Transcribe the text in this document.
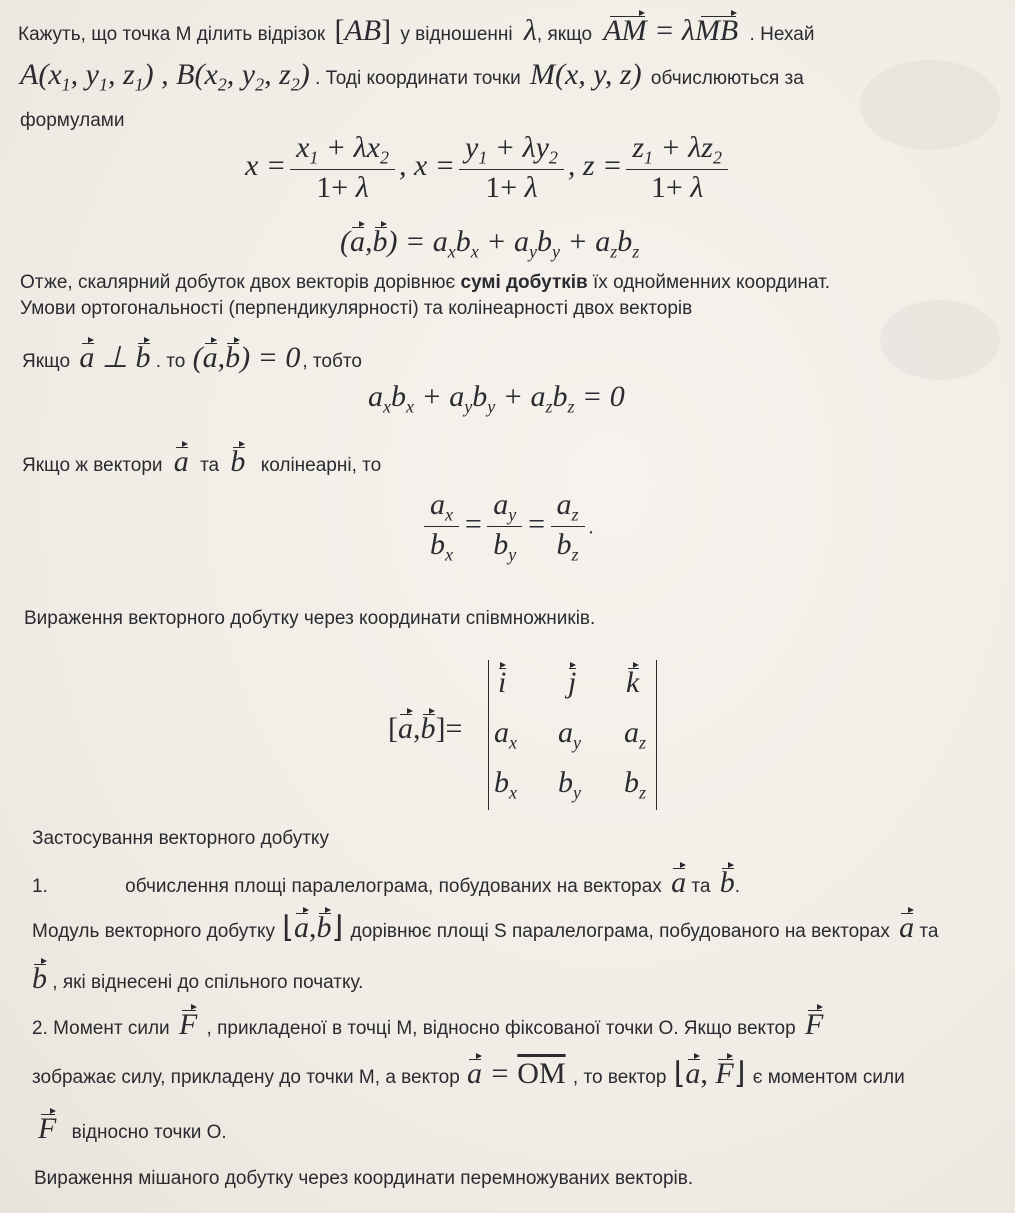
Кажуть, що точка М ділить відрізок [AB] у відношенні λ, якщо AM = λMB . Нехай
$A(x_1$, $y_1$, $z_1$) , $B(x_2$, $y_2$, $z_2$) . Тоді координати точки M(x, y, z) обчислюються за
формулами
$x = \frac{x_1 + \lambda x_2}{1+ \lambda}$ , $x = \frac{y_1 + \lambda y_2}{1+ \lambda}$ , $z = \frac{z_1 + \lambda z_2}{1+ \lambda}$
$(a,b) = a_xb_x + a_yb_y + a_zb_z$
Отже, скалярний добуток двох векторів дорівнює сумі добутків їх однойменних координат.
Умови ортогональності (перпендикулярності) та колінеарності двох векторів
Якщо a ⊥ b . то (a,b) = 0 , тобто
$a_xb_x + a_yb_y + a_zb_z = 0$
Якщо ж вектори a та b колінеарні, то
$\frac{a_x}{b_x} = \frac{a_y}{b_y} = \frac{a_z}{b_z}$ .
Вираження векторного добутку через координати співмножників.
[a,b]=
i j k
$a_x$ $a_y$ $a_z$
$b_x$ $b_y$ $b_z$
Застосування векторного добутку
1.	обчислення площі паралелограма, побудованих на векторах a та b.
Модуль векторного добутку ⌊a,b⌋ дорівнює площі S паралелограма, побудованого на векторах a та
b , які віднесені до спільного початку.
2. Момент сили F , прикладеної в точці М, відносно фіксованої точки О. Якщо вектор F
зображає силу, прикладену до точки М, а вектор $a = \overline{OM}$ , то вектор ⌊a, F⌋ є моментом сили
F відносно точки О.
Вираження мішаного добутку через координати перемножуваних векторів.
